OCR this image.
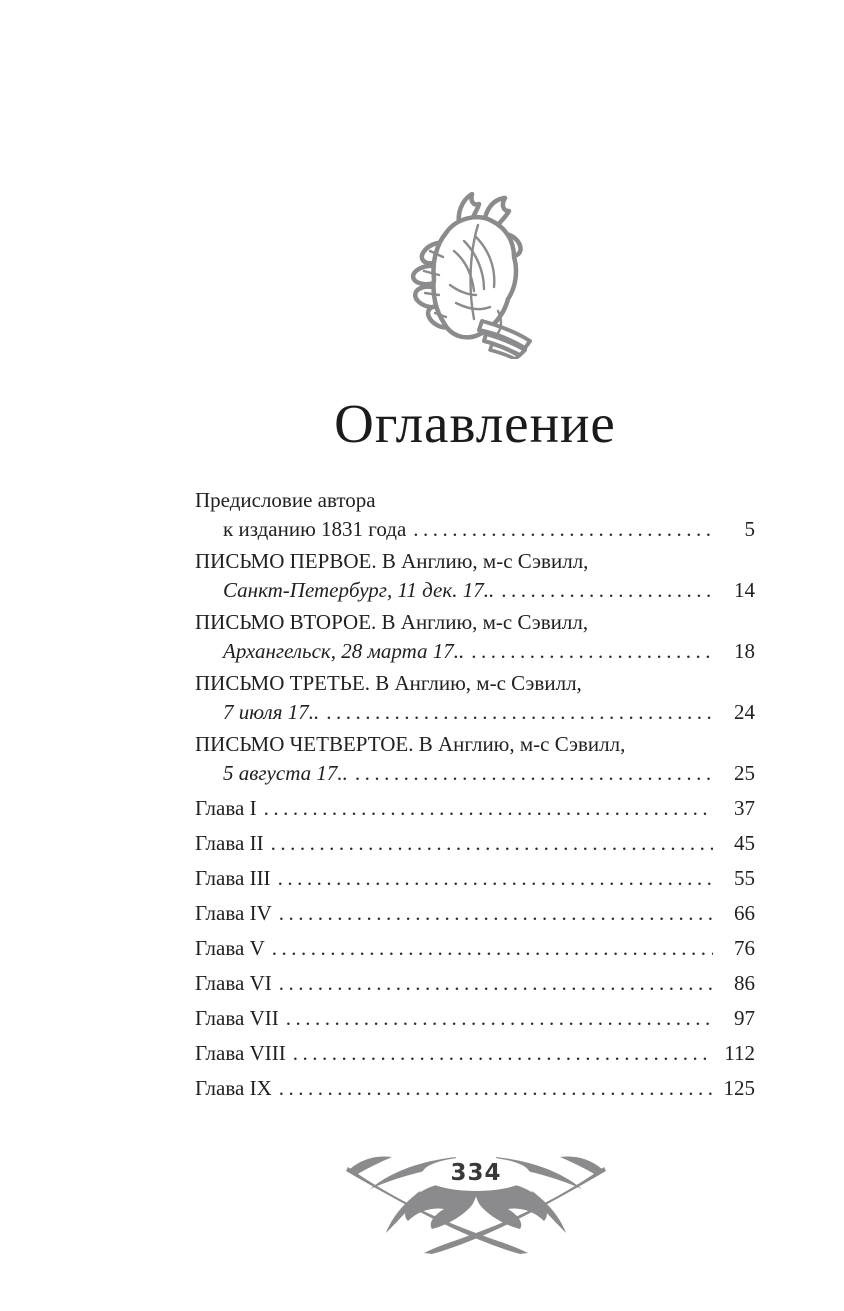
Оглавление
Предисловие автора
к изданию 1831 года .....	5
ПИСЬМО ПЕРВОЕ. В Англию, м-с Сэвилл,
Санкт-Петербург, 11 дек. 17.. .....	14
ПИСЬМО ВТОРОЕ. В Англию, м-с Сэвилл,
Архангельск, 28 марта 17.. .....	18
ПИСЬМО ТРЕТЬЕ. В Англию, м-с Сэвилл,
7 июля 17.. .....	24
ПИСЬМО ЧЕТВЕРТОЕ. В Англию, м-с Сэвилл,
5 августа 17.. .....	25
Глава I .....	37
Глава II .....	45
Глава III .....	55
Глава IV .....	66
Глава V .....	76
Глава VI .....	86
Глава VII .....	97
Глава VIII .....	112
Глава IX .....	125
334
